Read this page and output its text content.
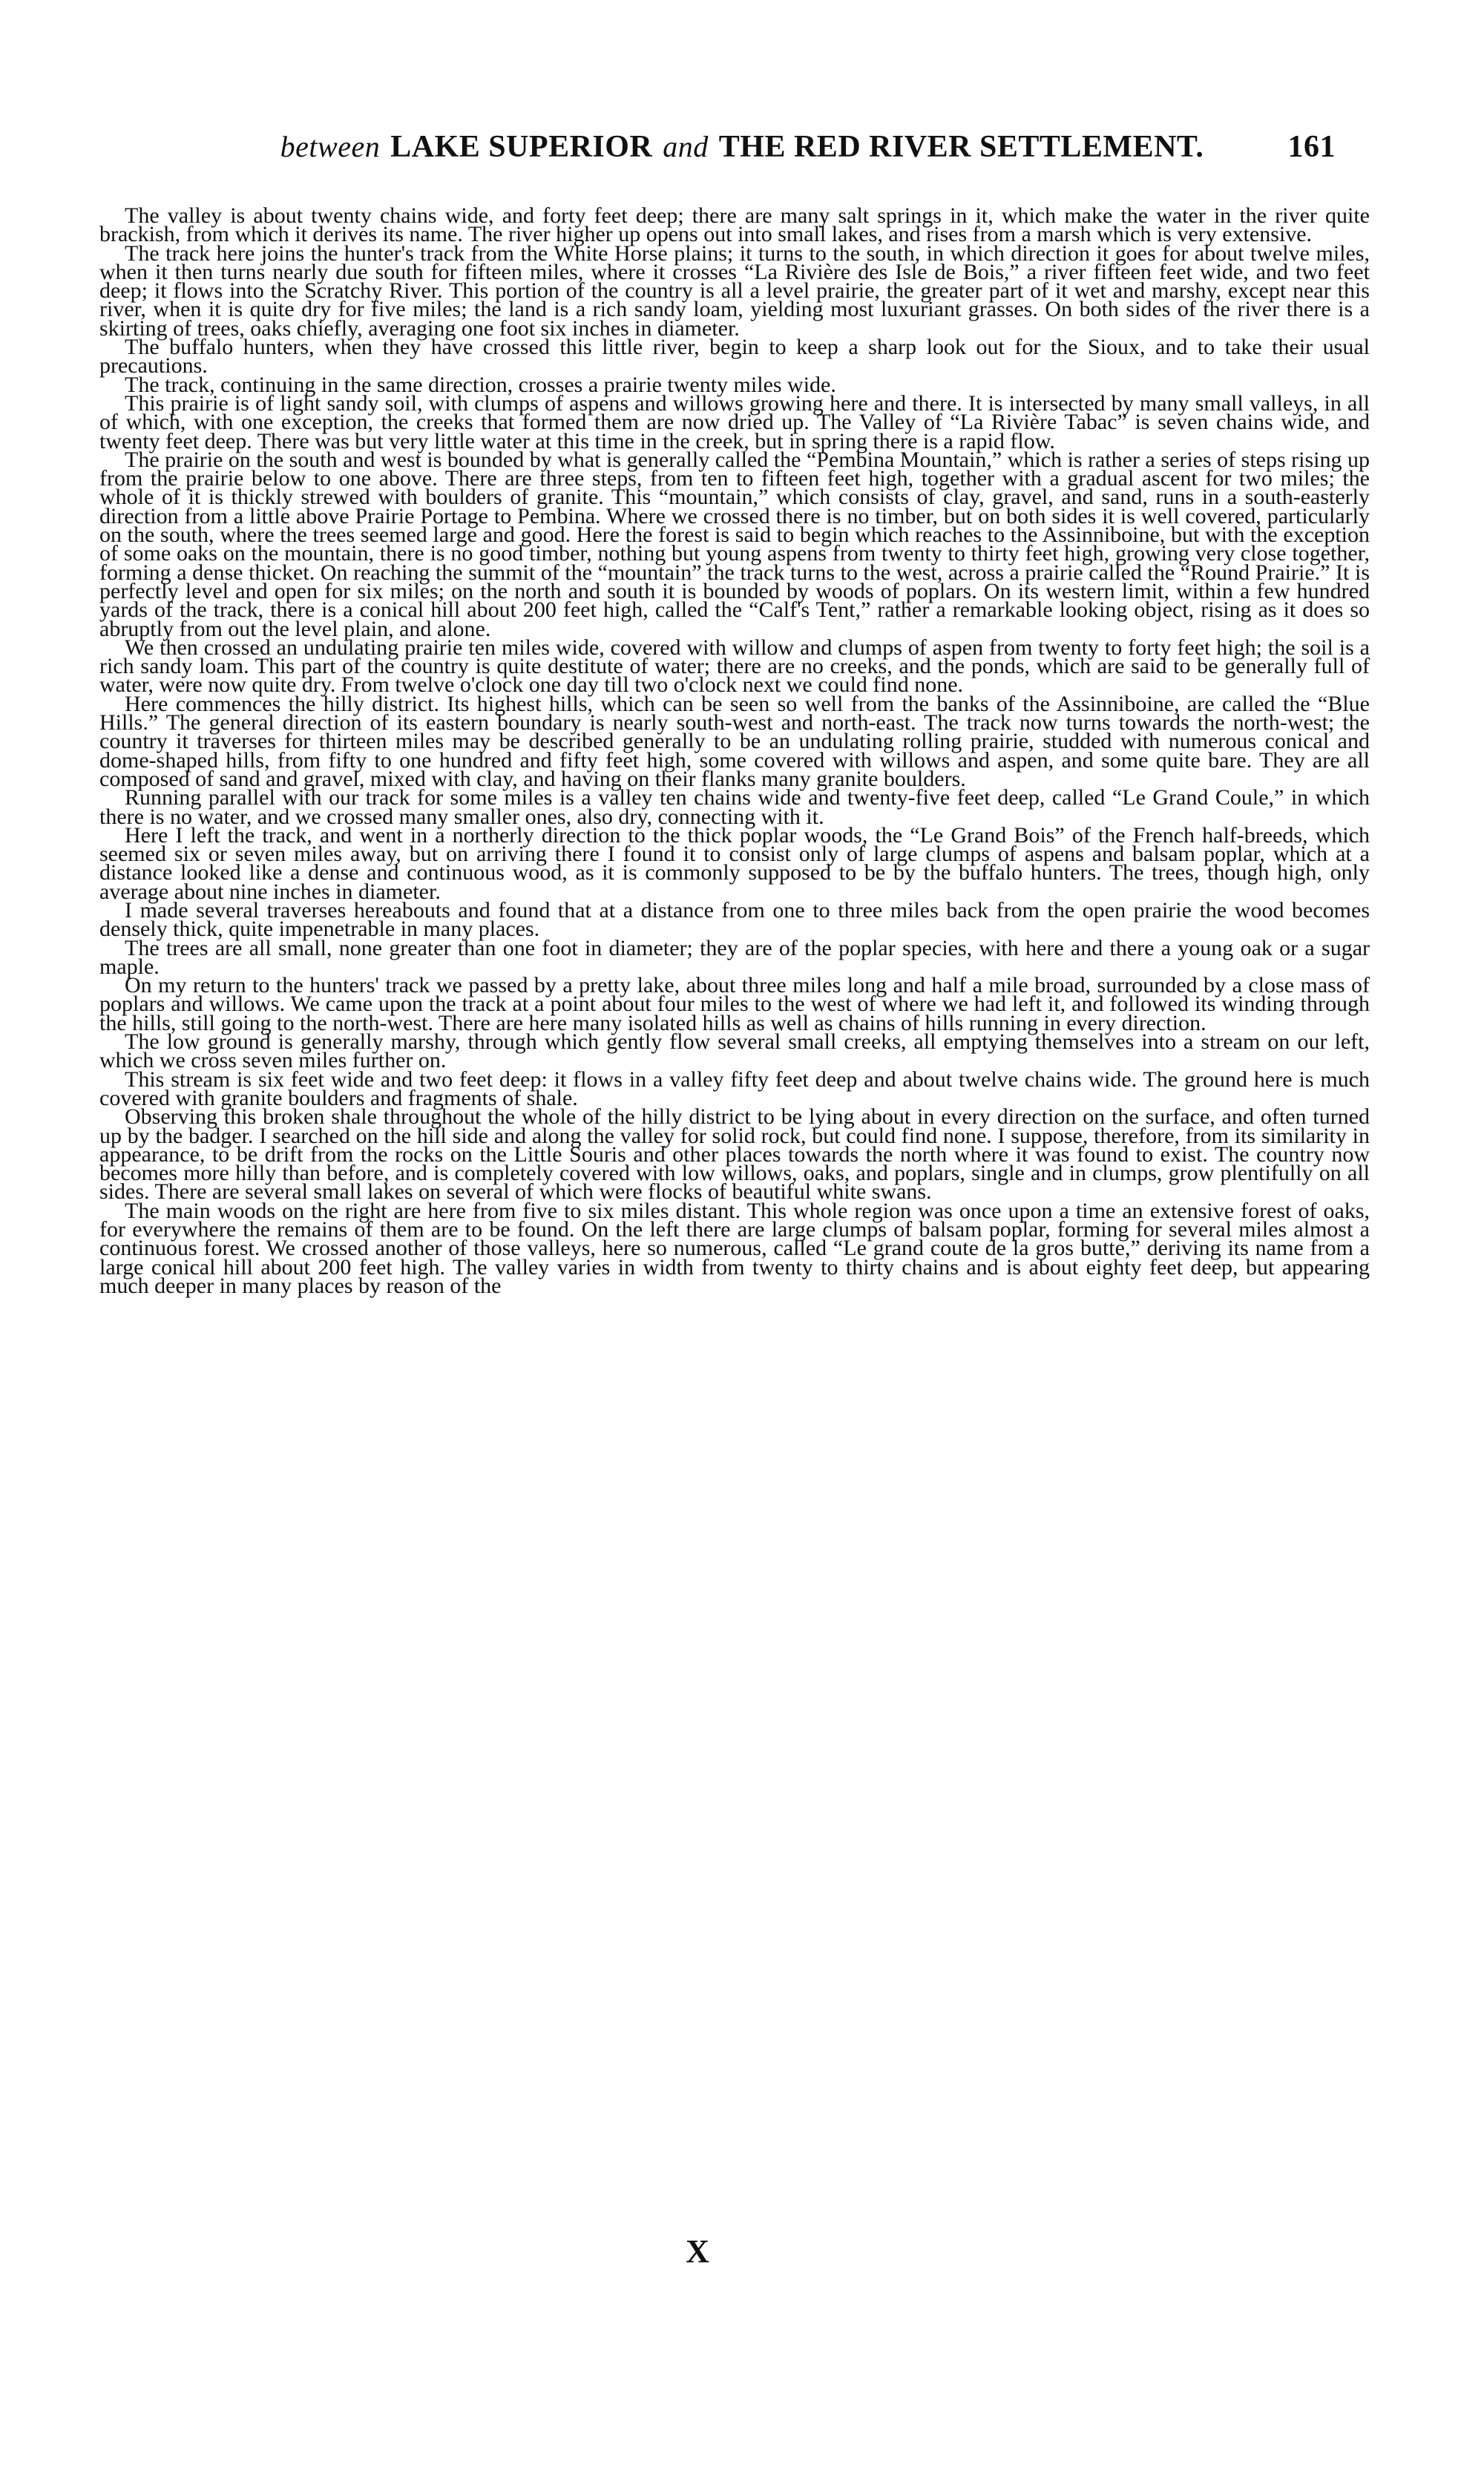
between LAKE SUPERIOR and THE RED RIVER SETTLEMENT.	161

The valley is about twenty chains wide, and forty feet deep; there are many salt springs in it, which make the water in the river quite brackish, from which it derives its name. The river higher up opens out into small lakes, and rises from a marsh which is very extensive.

The track here joins the hunter's track from the White Horse plains; it turns to the south, in which direction it goes for about twelve miles, when it then turns nearly due south for fifteen miles, where it crosses “La Rivière des Isle de Bois,” a river fifteen feet wide, and two feet deep; it flows into the Scratchy River. This portion of the country is all a level prairie, the greater part of it wet and marshy, except near this river, when it is quite dry for five miles; the land is a rich sandy loam, yielding most luxuriant grasses. On both sides of the river there is a skirting of trees, oaks chiefly, averaging one foot six inches in diameter.

The buffalo hunters, when they have crossed this little river, begin to keep a sharp look out for the Sioux, and to take their usual precautions.

The track, continuing in the same direction, crosses a prairie twenty miles wide.

This prairie is of light sandy soil, with clumps of aspens and willows growing here and there. It is intersected by many small valleys, in all of which, with one exception, the creeks that formed them are now dried up. The Valley of “La Rivière Tabac” is seven chains wide, and twenty feet deep. There was but very little water at this time in the creek, but in spring there is a rapid flow.

The prairie on the south and west is bounded by what is generally called the “Pembina Mountain,” which is rather a series of steps rising up from the prairie below to one above. There are three steps, from ten to fifteen feet high, together with a gradual ascent for two miles; the whole of it is thickly strewed with boulders of granite. This “mountain,” which consists of clay, gravel, and sand, runs in a south-easterly direction from a little above Prairie Portage to Pembina. Where we crossed there is no timber, but on both sides it is well covered, particularly on the south, where the trees seemed large and good. Here the forest is said to begin which reaches to the Assinniboine, but with the exception of some oaks on the mountain, there is no good timber, nothing but young aspens from twenty to thirty feet high, growing very close together, forming a dense thicket. On reaching the summit of the “mountain” the track turns to the west, across a prairie called the “Round Prairie.” It is perfectly level and open for six miles; on the north and south it is bounded by woods of poplars. On its western limit, within a few hundred yards of the track, there is a conical hill about 200 feet high, called the “Calf's Tent,” rather a remarkable looking object, rising as it does so abruptly from out the level plain, and alone.

We then crossed an undulating prairie ten miles wide, covered with willow and clumps of aspen from twenty to forty feet high; the soil is a rich sandy loam. This part of the country is quite destitute of water; there are no creeks, and the ponds, which are said to be generally full of water, were now quite dry. From twelve o'clock one day till two o'clock next we could find none.

Here commences the hilly district. Its highest hills, which can be seen so well from the banks of the Assinniboine, are called the “Blue Hills.” The general direction of its eastern boundary is nearly south-west and north-east. The track now turns towards the north-west; the country it traverses for thirteen miles may be described generally to be an undulating rolling prairie, studded with numerous conical and dome-shaped hills, from fifty to one hundred and fifty feet high, some covered with willows and aspen, and some quite bare. They are all composed of sand and gravel, mixed with clay, and having on their flanks many granite boulders.

Running parallel with our track for some miles is a valley ten chains wide and twenty-five feet deep, called “Le Grand Coule,” in which there is no water, and we crossed many smaller ones, also dry, connecting with it.

Here I left the track, and went in a northerly direction to the thick poplar woods, the “Le Grand Bois” of the French half-breeds, which seemed six or seven miles away, but on arriving there I found it to consist only of large clumps of aspens and balsam poplar, which at a distance looked like a dense and continuous wood, as it is commonly supposed to be by the buffalo hunters. The trees, though high, only average about nine inches in diameter.

I made several traverses hereabouts and found that at a distance from one to three miles back from the open prairie the wood becomes densely thick, quite impenetrable in many places.

The trees are all small, none greater than one foot in diameter; they are of the poplar species, with here and there a young oak or a sugar maple.

On my return to the hunters' track we passed by a pretty lake, about three miles long and half a mile broad, surrounded by a close mass of poplars and willows. We came upon the track at a point about four miles to the west of where we had left it, and followed its winding through the hills, still going to the north-west. There are here many isolated hills as well as chains of hills running in every direction.

The low ground is generally marshy, through which gently flow several small creeks, all emptying themselves into a stream on our left, which we cross seven miles further on.

This stream is six feet wide and two feet deep: it flows in a valley fifty feet deep and about twelve chains wide. The ground here is much covered with granite boulders and fragments of shale.

Observing this broken shale throughout the whole of the hilly district to be lying about in every direction on the surface, and often turned up by the badger. I searched on the hill side and along the valley for solid rock, but could find none. I suppose, therefore, from its similarity in appearance, to be drift from the rocks on the Little Souris and other places towards the north where it was found to exist. The country now becomes more hilly than before, and is completely covered with low willows, oaks, and poplars, single and in clumps, grow plentifully on all sides. There are several small lakes on several of which were flocks of beautiful white swans.

The main woods on the right are here from five to six miles distant. This whole region was once upon a time an extensive forest of oaks, for everywhere the remains of them are to be found. On the left there are large clumps of balsam poplar, forming for several miles almost a continuous forest. We crossed another of those valleys, here so numerous, called “Le grand coute de la gros butte,” deriving its name from a large conical hill about 200 feet high. The valley varies in width from twenty to thirty chains and is about eighty feet deep, but appearing much deeper in many places by reason of the

X
